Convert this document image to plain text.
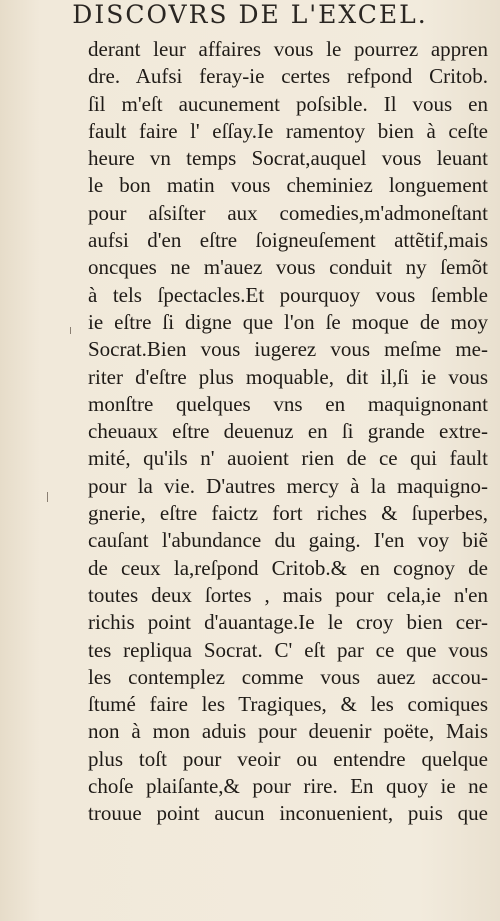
DISCOVRS DE L'EXCEL.
derant leur affaires vous le pourrez appren
dre. Aufsi feray-ie certes refpond Critob.
ſil m'eſt aucunement poſsible. Il vous en
fault faire l' eſſay.Ie ramentoy bien à ceſte
heure vn temps Socrat,auquel vous leuant
le bon matin vous cheminiez longuement
pour aſsiſter aux comedies,m'admoneſtant
aufsi d'en eſtre ſoigneuſement attẽtif,mais
oncques ne m'auez vous conduit ny ſemõt
à tels ſpectacles.Et pourquoy vous ſemble
ie eſtre ſi digne que l'on ſe moque de moy
Socrat.Bien vous iugerez vous meſme me-
riter d'eſtre plus moquable, dit il,ſi ie vous
monſtre quelques vns en maquignonant
cheuaux eſtre deuenuz en ſi grande extre-
mité, qu'ils n' auoient rien de ce qui fault
pour la vie. D'autres mercy à la maquigno-
gnerie, eſtre faictz fort riches & ſuperbes,
cauſant l'abundance du gaing. I'en voy biẽ
de ceux la,reſpond Critob.& en cognoy de
toutes deux ſortes , mais pour cela,ie n'en
richis point d'auantage.Ie le croy bien cer-
tes repliqua Socrat. C' eſt par ce que vous
les contemplez comme vous auez accou-
ſtumé faire les Tragiques, & les comiques
non à mon aduis pour deuenir poëte, Mais
plus toſt pour veoir ou entendre quelque
choſe plaiſante,& pour rire. En quoy ie ne
trouue point aucun inconuenient, puis que
